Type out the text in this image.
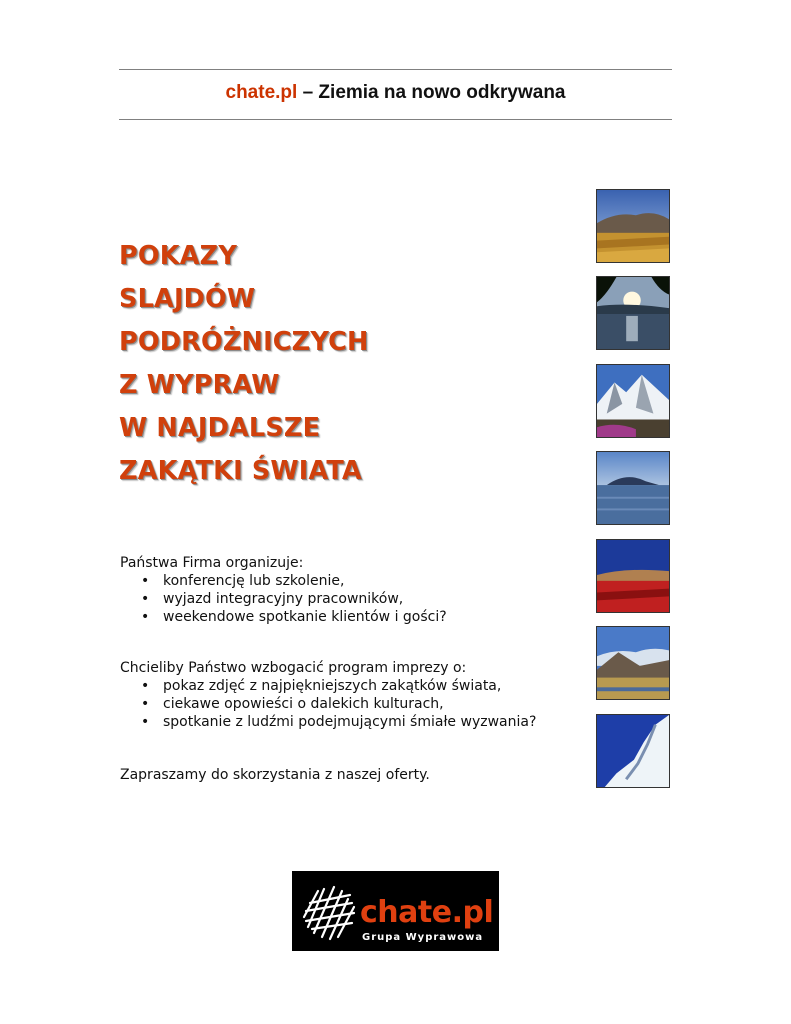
chate.pl – Ziemia na nowo odkrywana
POKAZY
SLAJDÓW
PODRÓŻNICZYCH
Z WYPRAW
W NAJDALSZE
ZAKĄTKI ŚWIATA

Państwa Firma organizuje:

• konferencję lub szkolenie,
• wyjazd integracyjny pracowników,
• weekendowe spotkanie klientów i gości?

Chcieliby Państwo wzbogacić program imprezy o:

• pokaz zdjęć z najpiękniejszych zakątków świata,
• ciekawe opowieści o dalekich kulturach,
• spotkanie z ludźmi podejmującymi śmiałe wyzwania?

Zapraszamy do skorzystania z naszej oferty.

chate.pl
Grupa Wyprawowa
